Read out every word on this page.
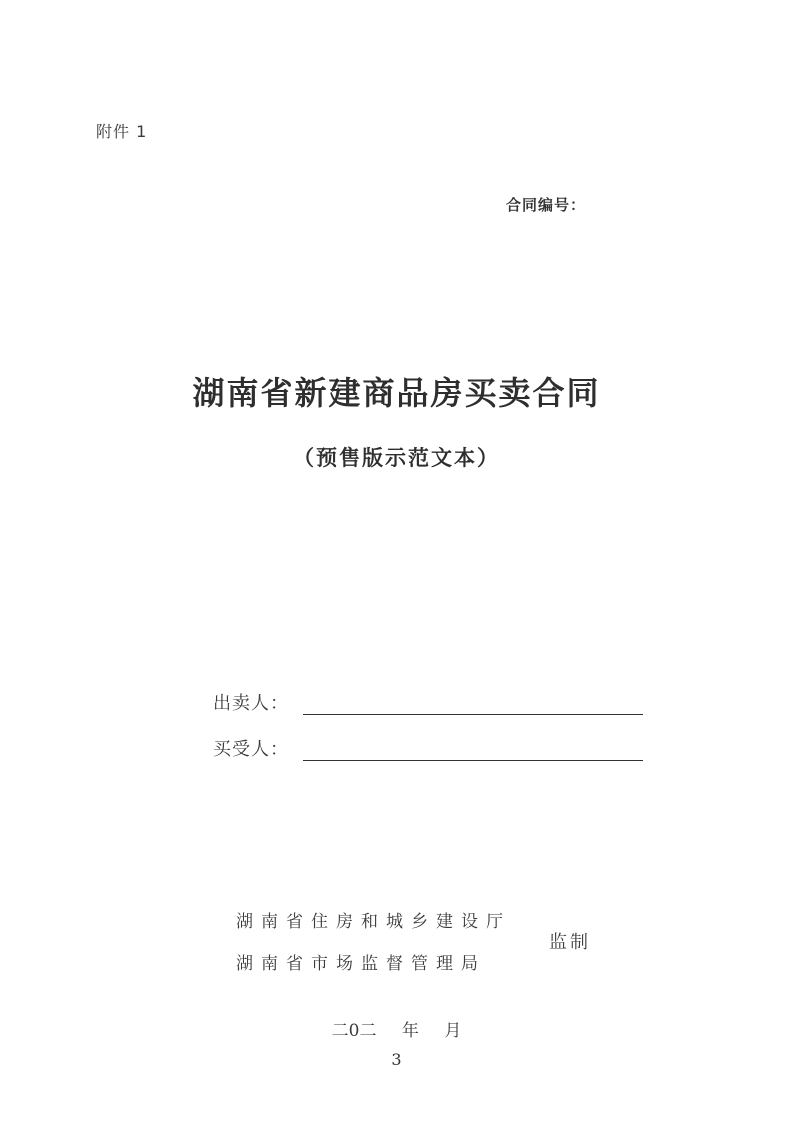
附件 1
合同编号：
湖南省新建商品房买卖合同
（预售版示范文本）
出卖人：
买受人：
湖南省住房和城乡建设厅
湖南省市场监督管理局
监制
二0二 年 月
3
